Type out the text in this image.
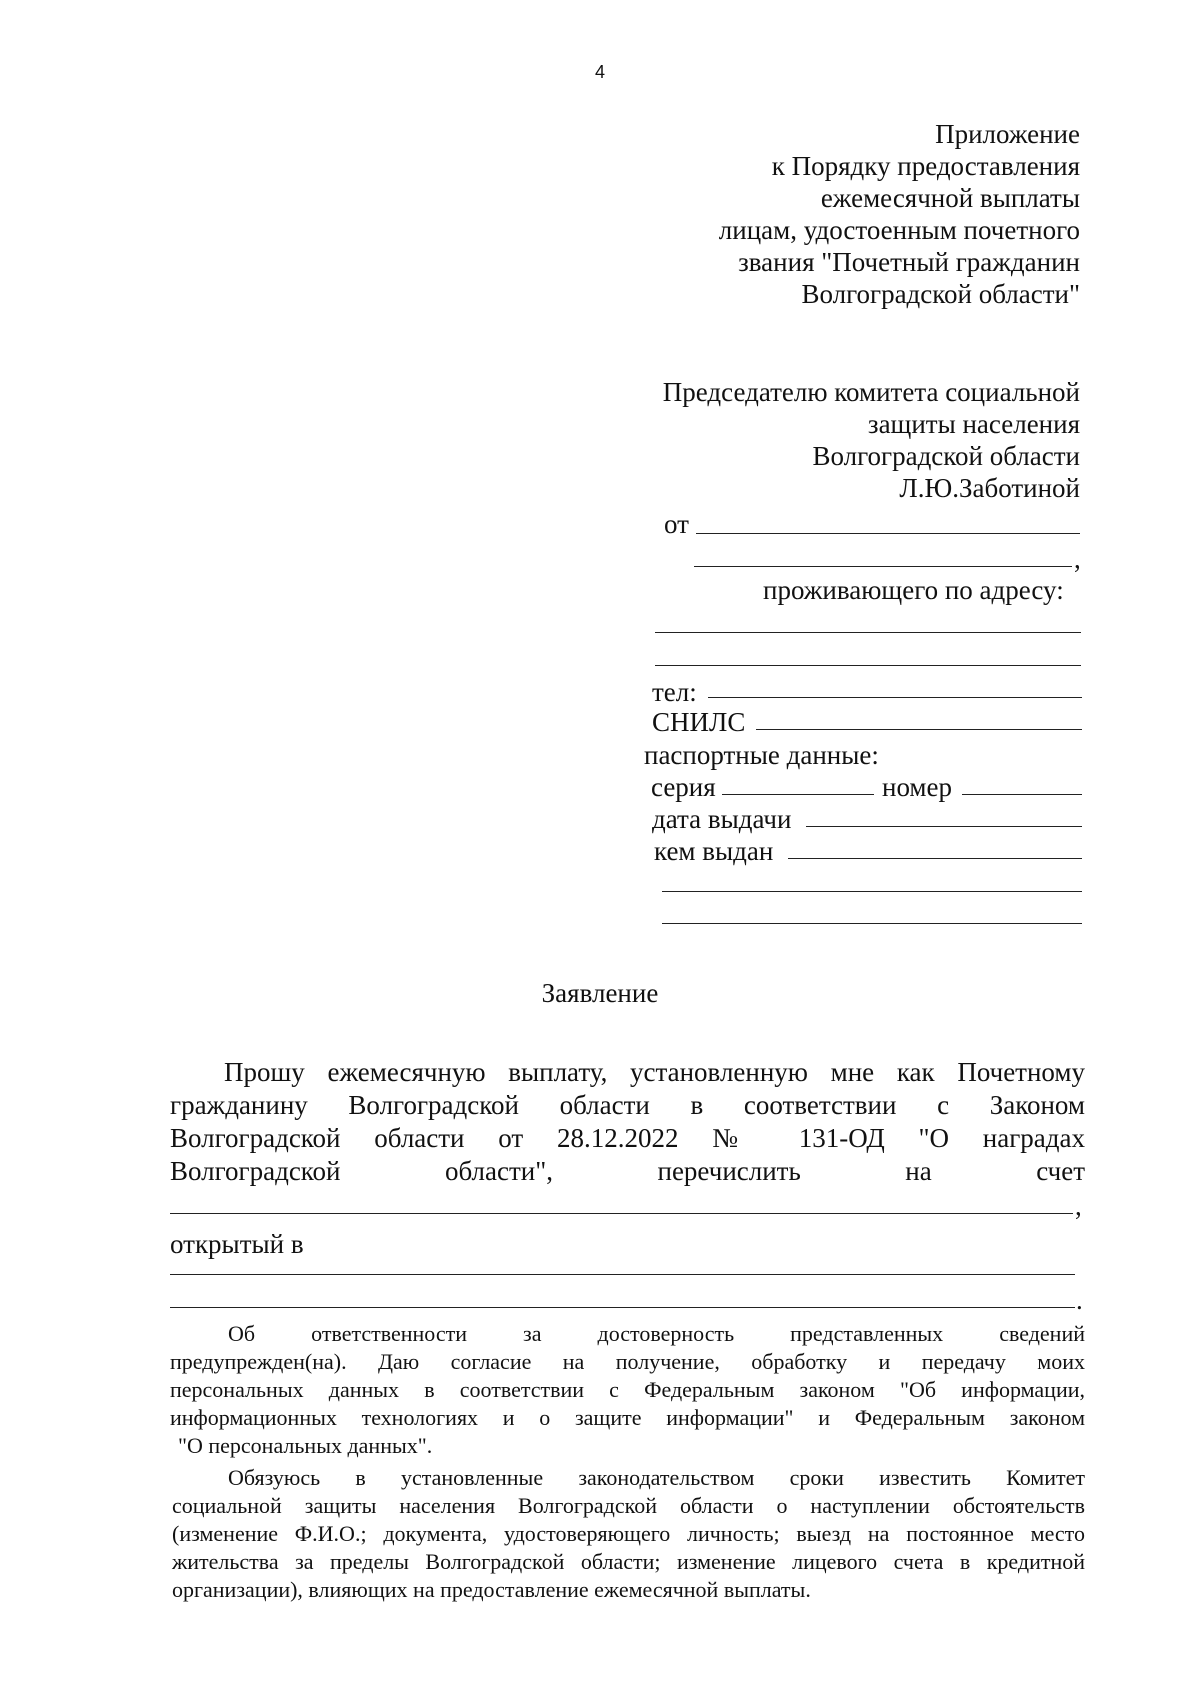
4
Приложение
к Порядку предоставления
ежемесячной выплаты
лицам, удостоенным почетного
звания "Почетный гражданин
Волгоградской области"
Председателю комитета социальной
защиты населения
Волгоградской области
Л.Ю.Заботиной
от
,
проживающего по адресу:
тел:
СНИЛС
паспортные данные:
серия	номер
дата выдачи
кем выдан
Заявление
Прошу ежемесячную выплату, установленную мне как Почетному
гражданину Волгоградской области в соответствии с Законом
Волгоградской области от 28.12.2022 № 131-ОД "О наградах
Волгоградской области", перечислить на счет
,
открытый в
.
Об ответственности за достоверность представленных сведений
предупрежден(на). Даю согласие на получение, обработку и передачу моих
персональных данных в соответствии с Федеральным законом "Об информации,
информационных технологиях и о защите информации" и Федеральным законом
"О персональных данных".
Обязуюсь в установленные законодательством сроки известить Комитет
социальной защиты населения Волгоградской области о наступлении обстоятельств
(изменение Ф.И.О.; документа, удостоверяющего личность; выезд на постоянное место
жительства за пределы Волгоградской области; изменение лицевого счета в кредитной
организации), влияющих на предоставление ежемесячной выплаты.
